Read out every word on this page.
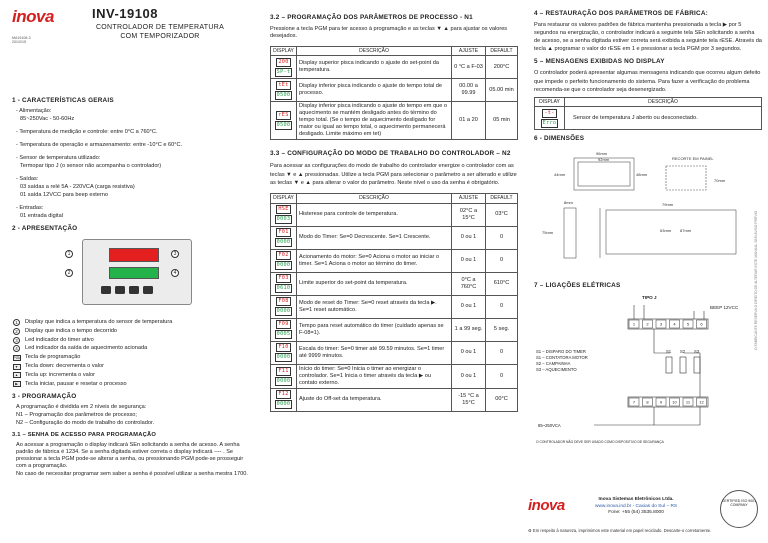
inova	INV-19108
CONTROLADOR DE TEMPERATURA
COM TEMPORIZADOR
MA19108-3 20/10/15
1 - CARACTERÍSTICAS GERAIS

- Alimentação:

85~250Vac - 50-60Hz

- Temperatura de medição e controle: entre 0°C a 760°C.

- Temperatura de operação e armazenamento: entre -10°C e 60°C.

- Sensor de temperatura utilizado:

Termopar tipo J (o sensor não acompanha o controlador)

- Saídas:

03 saídas a relé 5A - 220VCA (carga resistiva)

01 saída 12VCC para beep externo

- Entradas:

01 entrada digital

2 - APRESENTAÇÃO
1
2
3
4
1	Display que indica a temperatura do sensor de temperatura
2	Display que indica o tempo decorrido
3	Led indicador do timer ativo
4	Led indicador da saída de aquecimento acionada
PGM Tecla de programação
▼	Tecla down: decrementa o valor
▲	Tecla up: incrementa o valor
▶	Tecla iniciar, pausar e resetar o processo
3 - PROGRAMAÇÃO

A programação é dividida em 2 níveis de segurança:

N1 – Programação dos parâmetros de processo;

N2 – Configuração do modo de trabalho do controlador.

3.1 – SENHA DE ACESSO PARA PROGRAMAÇÃO

Ao acessar a programação o display indicará SEn solicitando a senha de acesso. A senha padrão de fábrica é 1234. Se a senha digitada estiver correta o display indicará ---- . Se pressionar a tecla PGM pode-se alterar a senha, ou pressionando PGM pode-se prosseguir com a programação.

No caso de necessitar programar sem saber a senha é possível utilizar a senha mestra 1700.

3.2 – PROGRAMAÇÃO DOS PARÂMETROS DE PROCESSO - N1

Pressione a tecla PGM para ter acesso à programação e as teclas ▼ ▲ para ajustar os valores desejados.

DISPLAY	DESCRIÇÃO	AJUSTE	DEFAULT
200
SP-t	Display superior pisca indicando o ajuste do set-point da temperatura.	0 °C a F-03	200°C
tEt
0500	Display inferior pisca indicando o ajuste do tempo total de processo.	00.00 a 99.99	05.00 min
rES
0500	Display inferior pisca indicando o ajuste do tempo em que o aquecimento se mantém desligado antes do término do tempo total. (Se o tempo de aquecimento desligado for maior ou igual ao tempo total, o aquecimento permanecerá desligado. Limite máximo em tet)	01 a 20	05 min
3.3 – CONFIGURAÇÃO DO MODO DE TRABALHO DO CONTROLADOR – N2

Para acessar as configurações do modo de trabalho do controlador energize o controlador com as teclas ▼ e ▲ pressionadas. Utilize a tecla PGM para selecionar o parâmetro a ser alterado e utilize as teclas ▼ e ▲ para alterar o valor do parâmetro. Neste nível o uso da senha é obrigatório.

DISPLAY	DESCRIÇÃO	AJUSTE	DEFAULT
HSE
0003	Histerese para controle de temperatura.	02°C a 15°C	03°C
F01
0000	Modo do Timer: Se=0 Decrescente. Se=1 Crescente.	0 ou 1	0
F02
0000	Acionamento do motor: Se=0 Aciona o motor ao iniciar o timer. Se=1 Aciona o motor ao término do timer.	0 ou 1	0
F03
0610	Limite superior do set-point da temperatura.	0°C a 760°C	610°C
F08
0000	Modo de reset do Timer: Se=0 reset através da tecla ▶. Se=1 reset automático.	0 ou 1	0
F09
0005	Tempo para reset automático do timer (cuidado apenas se F-08=1).	1 a 99 seg.	5 seg.
F10
0000	Escala do timer: Se=0 timer até 99.59 minutos. Se=1 timer até 9999 minutos.	0 ou 1	0
F11
0000	Início do timer: Se=0 Inicia o timer ao energizar o controlador. Se=1 Inicia o timer através da tecla ▶ ou contato externo.	0 ou 1	0
F12
0000	Ajuste do Off-set da temperatura.	-15 °C a 15°C	00°C
4 – RESTAURAÇÃO DOS PARÂMETROS DE FÁBRICA:

Para restaurar os valores padrões de fábrica mantenha pressionada a tecla ▶ por 5 segundos na energização, o controlador indicará a seguinte tela SEn solicitando a senha de acesso, se a senha digitada estiver correta será exibida a seguinte tela rESE. Através da tecla ▲ programar o valor do rESE em 1 e pressionar a tecla PGM por 3 segundos.

5 – MENSAGENS EXIBIDAS NO DISPLAY

O controlador poderá apresentar algumas mensagens indicando que ocorreu algum defeito que impede o perfeito funcionamento do sistema. Para fazer a verificação do problema recomenda-se que o controlador seja desenergizado.

DISPLAY	DESCRIÇÃO
-t-
Erro	Sensor de temperatura J aberto ou desconectado.
6 - DIMENSÕES
96mm
92mm
48mm
44mm
RECORTE EM PAINEL
70mm
8mm	79mm
63mm 87mm
75mm
7 – LIGAÇÕES ELÉTRICAS
TIPO J
BEEP 12VCC
1	2	3	4	5	6
7	8	9	10 11 12
S1 S2 S3
S1 – DISPARO DO TIMER
S1 – CONTATORA MOTOR
S2 – CAMPAINHA
S3 – AQUECIMENTO
85~250VCA
O CONTROLADOR NÃO DEVE SER USADO COMO DISPOSITIVO DE SEGURANÇA
inova	Inova Sistemas Eletrônicos Ltda.
www.inova.ind.br - Caxias do Sul – RS
Fone: +55 (54) 3535.8000
CERTIFIED ISO 9001 COMPANY
♻ Em respeito à natureza, imprimimos este material em papel reciclado. Descarte-o corretamente.
O FABRICANTE RESERVA O DIREITO DE ALTERAR ESTE MANUAL SEM AVISO PRÉVIO
